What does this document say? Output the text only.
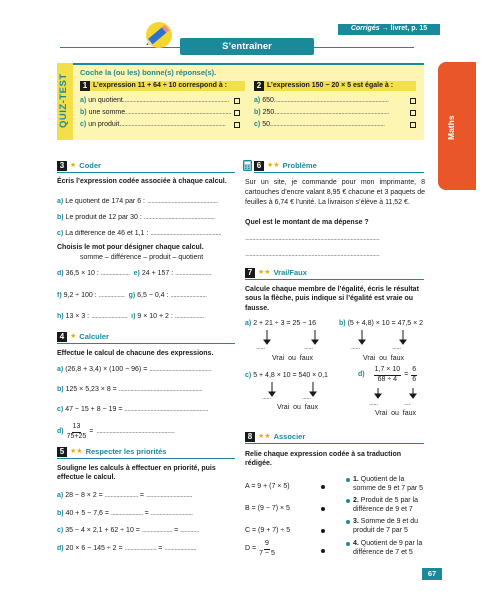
Corrigés → livret, p. 15
S’entraîner
Maths
QUIZ-TEST
Coche la (ou les) bonne(s) réponse(s).
1 L’expression 11 + 64 ÷ 10 correspond à :	2 L’expression 150 − 20 × 5 est égale à :
a)
un quotient. ........................................................................
b)
une somme. ........................................................................
c)
un produit. ........................................................................
a)
650. ..............................................................................
b)
250. ..............................................................................
c)
50. ..............................................................................
3 ★ Coder
Écris l’expression codée associée à chaque calcul.
a) Le quotient de 174 par 6 : .................................................
b) Le produit de 12 par 30 : .................................................
c) La différence de 46 et 1,1 : .................................................
Choisis le mot pour désigner chaque calcul.
somme – différence – produit – quotient
d) 36,5 × 10 : .................... e) 24 + 157 : .........................
f) 9,2 ÷ 100 : .................. g) 6,5 − 0,4 : .........................
h) 13 × 3 : ......................... i) 9 × 10 + 2 : ....................
4 ★ Calculer
Effectue le calcul de chacune des expressions.
a) (26,8 + 3,4) × (100 − 96) = ...........................................
b) 125 × 5,23 × 8 = ..........................................................
c) 47 − 15 + 8 − 19 = ..........................................................
$d) \frac{13}{75+25}$ = ......................................................
5 ★★ Respecter les priorités
Souligne les calculs à effectuer en priorité, puis effectue le calcul.
a) 28 − 8 × 2 = ....................... = ................................
b) 40 + 5 − 7,6 = ...................... = .............................
c) 35 − 4 × 2,1 + 62 ÷ 10 = ..................... = .............
d) 20 × 6 − 145 ÷ 2 = ...................... = ......................
6 ★★ Problème
Sur un site, je commande pour mon imprimante, 8 cartouches d’encre valant 8,95 € chacune et 3 paquets de feuilles à 6,74 € l’unité. La livraison s’élève à 11,52 €.
Quel est le montant de ma dépense ?
.............................................................................................
.............................................................................................
7 ★★ Vrai/Faux
Calcule chaque membre de l’égalité, écris le résultat sous la flèche, puis indique si l’égalité est vraie ou fausse.
a) 2 + 21 ÷ 3 = 25 − 16	b) (5 + 4,8) × 10 = 47,5 × 2
......	......	......	......
Vrai  ou  faux	Vrai  ou  faux
c) 5 + 4,8 × 10 = 540 × 0,1	$d) \frac{1,7 \times 10}{68 \div 4} = \frac{6}{6}$
......	......
Vrai  ou  faux
......	....
Vrai  ou  faux
8 ★★ Associer
Relie chaque expression codée à sa traduction rédigée.
A = 9 + (7 × 5)
B = (9 − 7) × 5
C = (9 + 7) ÷ 5
$D = \frac{9}{7 - 5}$
1. Quotient de la somme de 9 et 7 par 5
2. Produit de 5 par la différence de 9 et 7
3. Somme de 9 et du produit de 7 par 5
4. Quotient de 9 par la différence de 7 et 5
67
